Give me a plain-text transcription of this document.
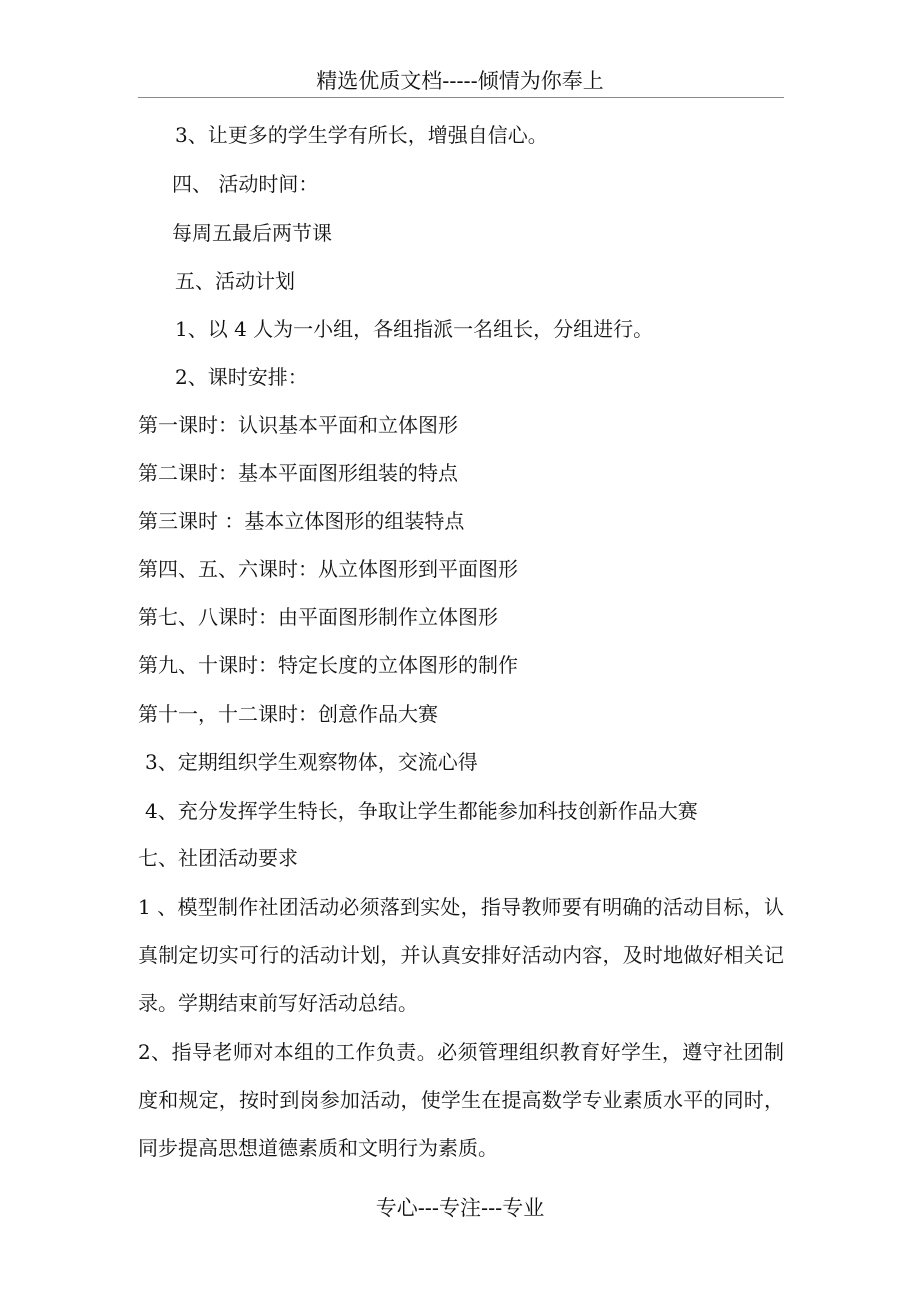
精选优质文档-----倾情为你奉上
3、让更多的学生学有所长，增强自信心。
四、 活动时间：
每周五最后两节课
五、活动计划
1、以 4 人为一小组，各组指派一名组长，分组进行。
2、课时安排：
第一课时：认识基本平面和立体图形
第二课时：基本平面图形组装的特点
第三课时 ：基本立体图形的组装特点
第四、五、六课时：从立体图形到平面图形
第七、八课时：由平面图形制作立体图形
第九、十课时：特定长度的立体图形的制作
第十一，十二课时：创意作品大赛
3、定期组织学生观察物体，交流心得
4、充分发挥学生特长，争取让学生都能参加科技创新作品大赛
七、社团活动要求
1 、模型制作社团活动必须落到实处，指导教师要有明确的活动目标，认真制定切实可行的活动计划，并认真安排好活动内容，及时地做好相关记录。学期结束前写好活动总结。
2、指导老师对本组的工作负责。必须管理组织教育好学生，遵守社团制度和规定，按时到岗参加活动，使学生在提高数学专业素质水平的同时，同步提高思想道德素质和文明行为素质。
专心---专注---专业
